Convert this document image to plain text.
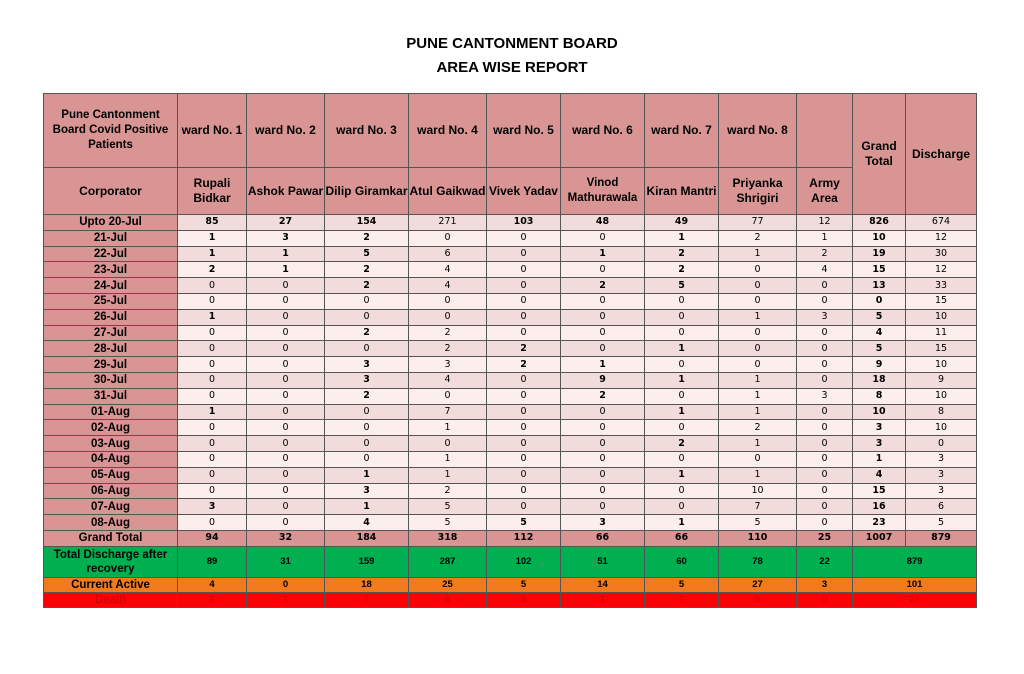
PUNE CANTONMENT BOARD
AREA WISE REPORT
Pune Cantonment Board Covid Positive Patients	ward No. 1	ward No. 2	ward No. 3	ward No. 4	ward No. 5	ward No. 6	ward No. 7	ward No. 8		Grand Total	Discharge
Corporator	Rupali Bidkar	Ashok Pawar	Dilip Giramkar	Atul Gaikwad	Vivek Yadav	Vinod Mathurawala	Kiran Mantri	Priyanka Shrigiri	Army Area		
Upto 20-Jul	85	27	154	271	103	48	49	77	12	826	674
21-Jul	1	3	2	0	0	0	1	2	1	10	12
22-Jul	1	1	5	6	0	1	2	1	2	19	30
23-Jul	2	1	2	4	0	0	2	0	4	15	12
24-Jul	0	0	2	4	0	2	5	0	0	13	33
25-Jul	0	0	0	0	0	0	0	0	0	0	15
26-Jul	1	0	0	0	0	0	0	1	3	5	10
27-Jul	0	0	2	2	0	0	0	0	0	4	11
28-Jul	0	0	0	2	2	0	1	0	0	5	15
29-Jul	0	0	3	3	2	1	0	0	0	9	10
30-Jul	0	0	3	4	0	9	1	1	0	18	9
31-Jul	0	0	2	0	0	2	0	1	3	8	10
01-Aug	1	0	0	7	0	0	1	1	0	10	8
02-Aug	0	0	0	1	0	0	0	2	0	3	10
03-Aug	0	0	0	0	0	0	2	1	0	3	0
04-Aug	0	0	0	1	0	0	0	0	0	1	3
05-Aug	0	0	1	1	0	0	1	1	0	4	3
06-Aug	0	0	3	2	0	0	0	10	0	15	3
07-Aug	3	0	1	5	0	0	0	7	0	16	6
08-Aug	0	0	4	5	5	3	1	5	0	23	5
Grand Total	94	32	184	318	112	66	66	110	25	1007	879
Total Discharge after recovery	89	31	159	287	102	51	60	78	22	879	
Current Active	4	0	18	25	5	14	5	27	3	101	
Death	1	1	7	6	5	1	1	5	0	27	
